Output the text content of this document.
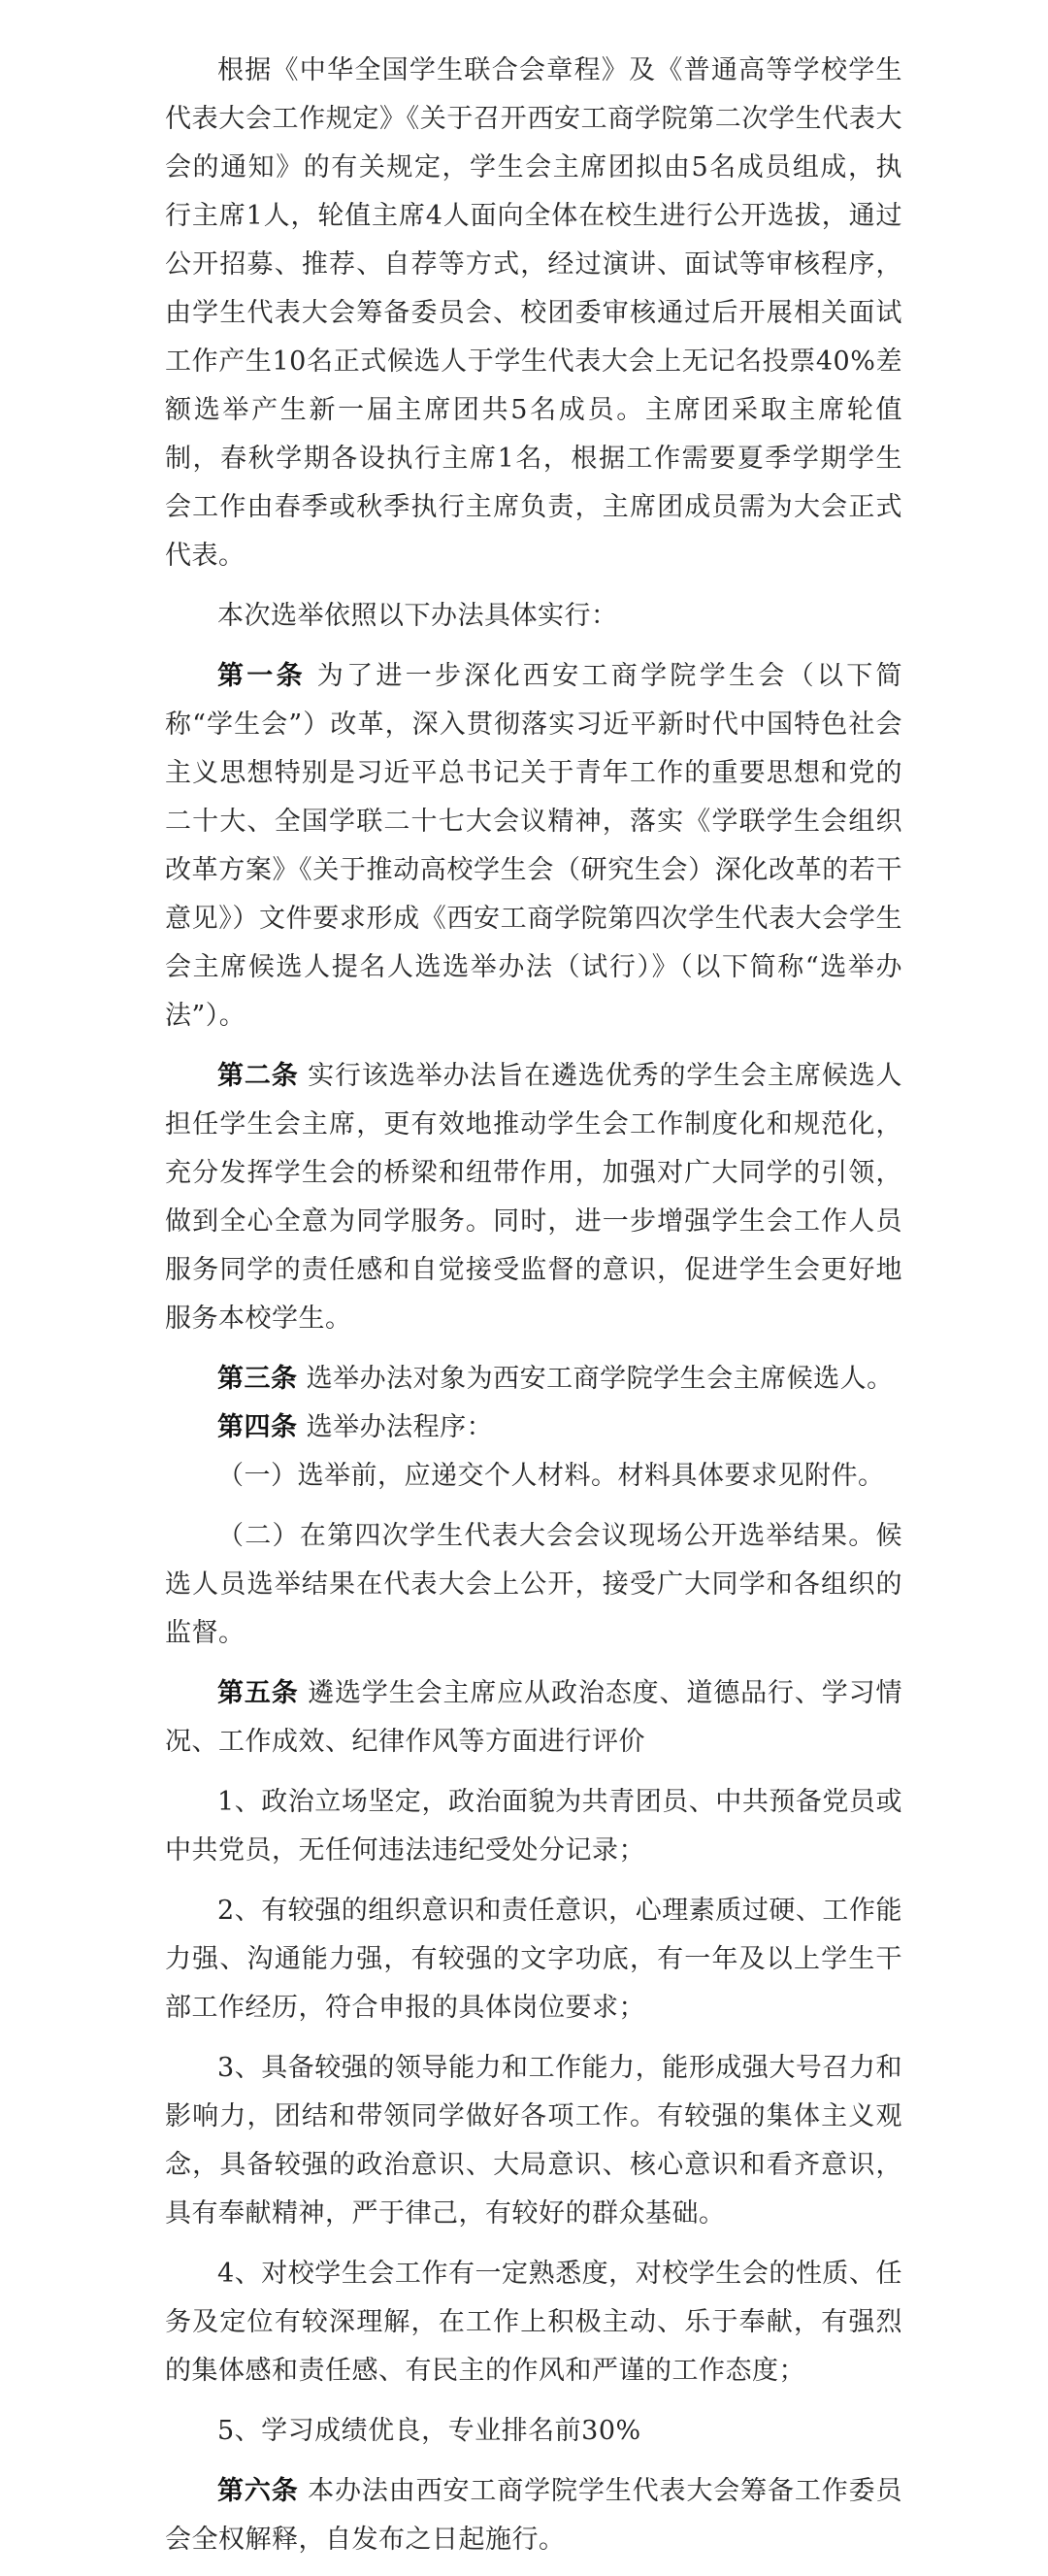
根据《中华全国学生联合会章程》及《普通高等学校学生代表大会工作规定》《关于召开西安工商学院第二次学生代表大会的通知》的有关规定，学生会主席团拟由5名成员组成，执行主席1人，轮值主席4人面向全体在校生进行公开选拔，通过公开招募、推荐、自荐等方式，经过演讲、面试等审核程序，由学生代表大会筹备委员会、校团委审核通过后开展相关面试工作产生10名正式候选人于学生代表大会上无记名投票40%差额选举产生新一届主席团共5名成员。主席团采取主席轮值制，春秋学期各设执行主席1名，根据工作需要夏季学期学生会工作由春季或秋季执行主席负责，主席团成员需为大会正式代表。

本次选举依照以下办法具体实行：

第一条 为了进一步深化西安工商学院学生会（以下简称“学生会”）改革，深入贯彻落实习近平新时代中国特色社会主义思想特别是习近平总书记关于青年工作的重要思想和党的二十大、全国学联二十七大会议精神，落实《学联学生会组织改革方案》《关于推动高校学生会（研究生会）深化改革的若干意见》）文件要求形成《西安工商学院第四次学生代表大会学生会主席候选人提名人选选举办法（试行）》（以下简称“选举办法”）。

第二条 实行该选举办法旨在遴选优秀的学生会主席候选人担任学生会主席，更有效地推动学生会工作制度化和规范化，充分发挥学生会的桥梁和纽带作用，加强对广大同学的引领，做到全心全意为同学服务。同时，进一步增强学生会工作人员服务同学的责任感和自觉接受监督的意识，促进学生会更好地服务本校学生。

第三条 选举办法对象为西安工商学院学生会主席候选人。

第四条 选举办法程序：

（一）选举前，应递交个人材料。材料具体要求见附件。

（二）在第四次学生代表大会会议现场公开选举结果。候选人员选举结果在代表大会上公开，接受广大同学和各组织的监督。

第五条 遴选学生会主席应从政治态度、道德品行、学习情况、工作成效、纪律作风等方面进行评价

1、政治立场坚定，政治面貌为共青团员、中共预备党员或中共党员，无任何违法违纪受处分记录；

2、有较强的组织意识和责任意识，心理素质过硬、工作能力强、沟通能力强，有较强的文字功底，有一年及以上学生干部工作经历，符合申报的具体岗位要求；

3、具备较强的领导能力和工作能力，能形成强大号召力和影响力，团结和带领同学做好各项工作。有较强的集体主义观念，具备较强的政治意识、大局意识、核心意识和看齐意识，具有奉献精神，严于律己，有较好的群众基础。

4、对校学生会工作有一定熟悉度，对校学生会的性质、任务及定位有较深理解，在工作上积极主动、乐于奉献，有强烈的集体感和责任感、有民主的作风和严谨的工作态度；

5、学习成绩优良，专业排名前30%

第六条 本办法由西安工商学院学生代表大会筹备工作委员会全权解释，自发布之日起施行。
